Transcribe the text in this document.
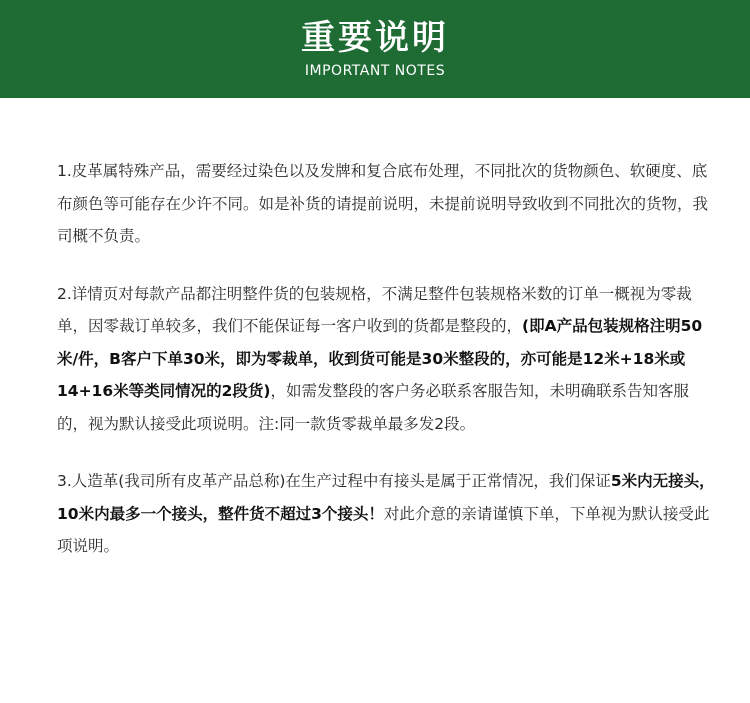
重要说明
IMPORTANT NOTES

1.皮革属特殊产品，需要经过染色以及发牌和复合底布处理，不同批次的货物颜色、软硬度、底布颜色等可能存在少许不同。如是补货的请提前说明，未提前说明导致收到不同批次的货物，我司概不负责。

2.详情页对每款产品都注明整件货的包装规格，不满足整件包装规格米数的订单一概视为零裁单，因零裁订单较多，我们不能保证每一客户收到的货都是整段的，(即A产品包装规格注明50米/件，B客户下单30米，即为零裁单，收到货可能是30米整段的，亦可能是12米+18米或14+16米等类同情况的2段货)，如需发整段的客户务必联系客服告知，未明确联系告知客服的，视为默认接受此项说明。注:同一款货零裁单最多发2段。

3.人造革(我司所有皮革产品总称)在生产过程中有接头是属于正常情况，我们保证5米内无接头，10米内最多一个接头，整件货不超过3个接头！对此介意的亲请谨慎下单，下单视为默认接受此项说明。
